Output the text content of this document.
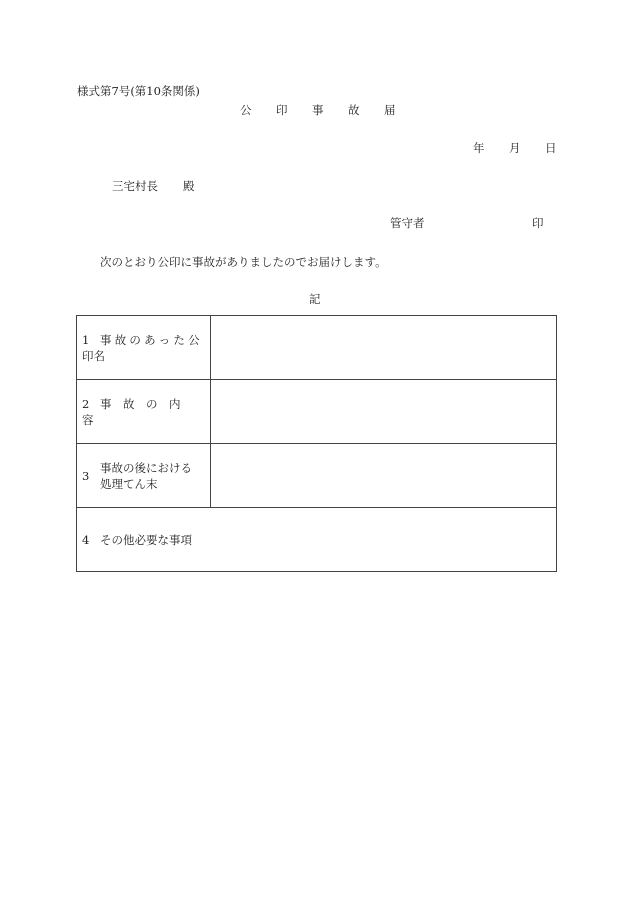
様式第7号(第10条関係)
公 印 事 故 届
年 月 日
三宅村長 殿
管守者	印
次のとおり公印に事故がありましたのでお届けします。
記
1 事故のあった公
印名	

2 事　故　の　内
容	

3
事故の後における
処理てん末	

4 その他必要な事項	
